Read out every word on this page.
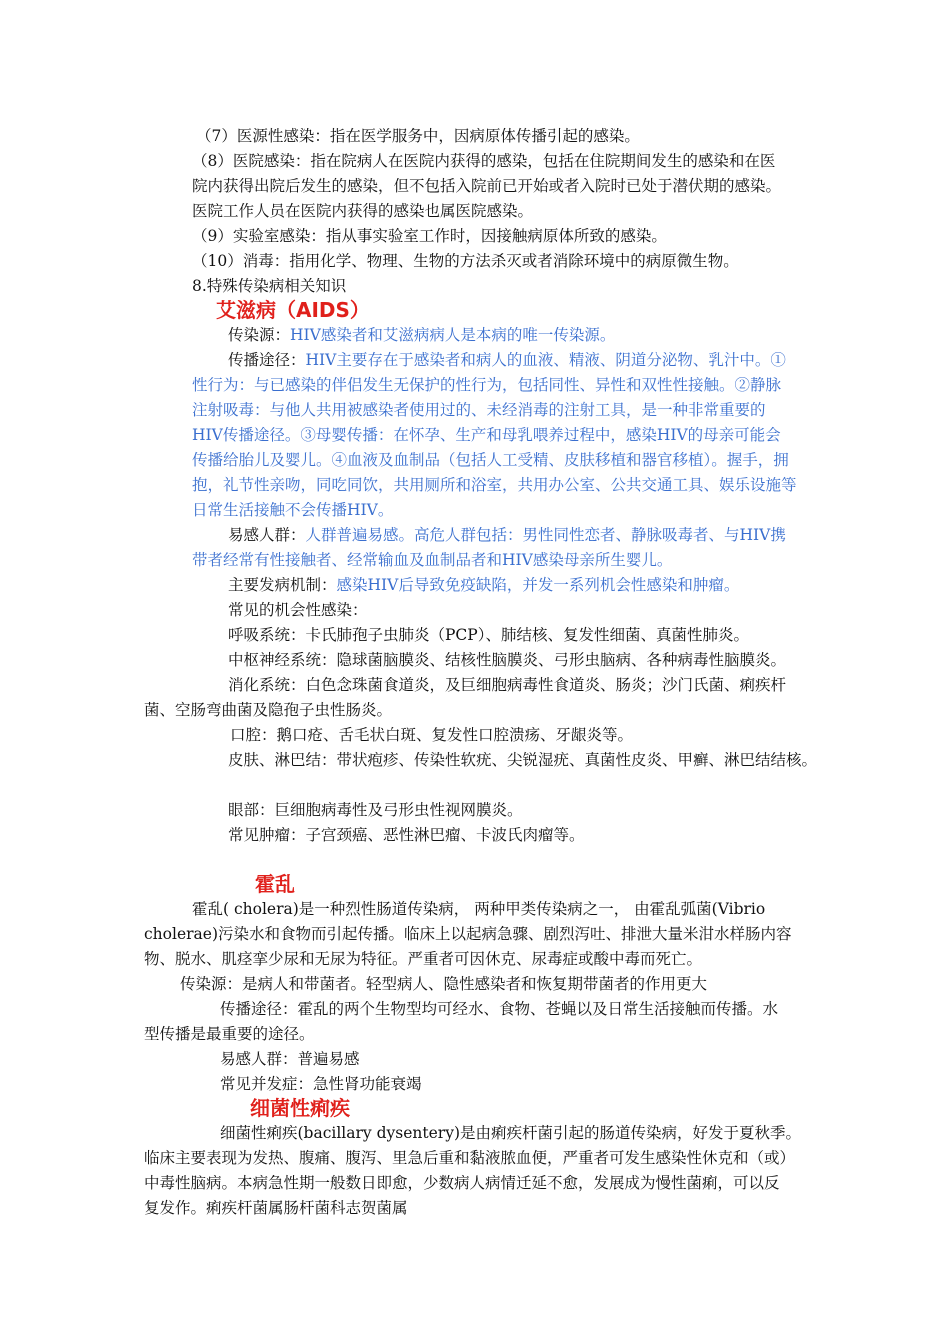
（7）医源性感染：指在医学服务中，因病原体传播引起的感染。

（8）医院感染：指在院病人在医院内获得的感染，包括在住院期间发生的感染和在医

院内获得出院后发生的感染，但不包括入院前已开始或者入院时已处于潜伏期的感染。

医院工作人员在医院内获得的感染也属医院感染。

（9）实验室感染：指从事实验室工作时，因接触病原体所致的感染。

（10）消毒：指用化学、物理、生物的方法杀灭或者消除环境中的病原微生物。

8.特殊传染病相关知识

艾滋病（AIDS）

传染源：HIV感染者和艾滋病病人是本病的唯一传染源。

传播途径：HIV主要存在于感染者和病人的血液、精液、阴道分泌物、乳汁中。①

性行为：与已感染的伴侣发生无保护的性行为，包括同性、异性和双性性接触。②静脉

注射吸毒：与他人共用被感染者使用过的、未经消毒的注射工具，是一种非常重要的

HIV传播途径。③母婴传播：在怀孕、生产和母乳喂养过程中，感染HIV的母亲可能会

传播给胎儿及婴儿。④血液及血制品（包括人工受精、皮肤移植和器官移植）。握手，拥

抱，礼节性亲吻，同吃同饮，共用厕所和浴室，共用办公室、公共交通工具、娱乐设施等

日常生活接触不会传播HIV。

易感人群：人群普遍易感。高危人群包括：男性同性恋者、静脉吸毒者、与HIV携

带者经常有性接触者、经常输血及血制品者和HIV感染母亲所生婴儿。

主要发病机制：感染HIV后导致免疫缺陷，并发一系列机会性感染和肿瘤。

常见的机会性感染：

呼吸系统：卡氏肺孢子虫肺炎（PCP）、肺结核、复发性细菌、真菌性肺炎。

中枢神经系统：隐球菌脑膜炎、结核性脑膜炎、弓形虫脑病、各种病毒性脑膜炎。

消化系统：白色念珠菌食道炎，及巨细胞病毒性食道炎、肠炎；沙门氏菌、痢疾杆

菌、空肠弯曲菌及隐孢子虫性肠炎。

口腔：鹅口疮、舌毛状白斑、复发性口腔溃疡、牙龈炎等。

皮肤、淋巴结：带状疱疹、传染性软疣、尖锐湿疣、真菌性皮炎、甲癣、淋巴结结核。

眼部：巨细胞病毒性及弓形虫性视网膜炎。

常见肿瘤：子宫颈癌、恶性淋巴瘤、卡波氏肉瘤等。

霍乱

霍乱( cholera)是一种烈性肠道传染病， 两种甲类传染病之一， 由霍乱弧菌(Vibrio

cholerae)污染水和食物而引起传播。临床上以起病急骤、剧烈泻吐、排泄大量米泔水样肠内容

物、脱水、肌痉挛少尿和无尿为特征。严重者可因休克、尿毒症或酸中毒而死亡。

传染源：是病人和带菌者。轻型病人、隐性感染者和恢复期带菌者的作用更大

传播途径：霍乱的两个生物型均可经水、食物、苍蝇以及日常生活接触而传播。水

型传播是最重要的途径。

易感人群：普遍易感

常见并发症：急性肾功能衰竭

细菌性痢疾

细菌性痢疾(bacillary dysentery)是由痢疾杆菌引起的肠道传染病，好发于夏秋季。

临床主要表现为发热、腹痛、腹泻、里急后重和黏液脓血便，严重者可发生感染性休克和（或）

中毒性脑病。本病急性期一般数日即愈，少数病人病情迁延不愈，发展成为慢性菌痢，可以反

复发作。痢疾杆菌属肠杆菌科志贺菌属
